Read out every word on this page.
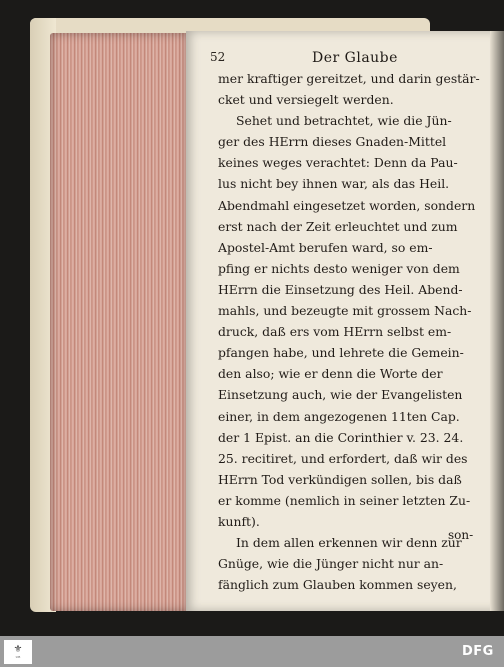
52	Der Glaube
mer kraftiger gereitzet, und darin gestär-
cket und versiegelt werden.
Sehet und betrachtet, wie die Jün-
ger des HErrn dieses Gnaden-Mittel
keines weges verachtet: Denn da Pau-
lus nicht bey ihnen war, als das Heil.
Abendmahl eingesetzet worden, sondern
erst nach der Zeit erleuchtet und zum
Apostel-Amt berufen ward, so em-
pfing er nichts desto weniger von dem
HErrn die Einsetzung des Heil. Abend-
mahls, und bezeugte mit grossem Nach-
druck, daß ers vom HErrn selbst em-
pfangen habe, und lehrete die Gemein-
den also; wie er denn die Worte der
Einsetzung auch, wie der Evangelisten
einer, in dem angezogenen 11ten Cap.
der 1 Epist. an die Corinthier v. 23. 24.
25. recitiret, und erfordert, daß wir des
HErrn Tod verkündigen sollen, bis daß
er komme (nemlich in seiner letzten Zu-
kunft).
In dem allen erkennen wir denn zur
Gnüge, wie die Jünger nicht nur an-
fänglich zum Glauben kommen seyen,
son-
⚜
UB	DFG
